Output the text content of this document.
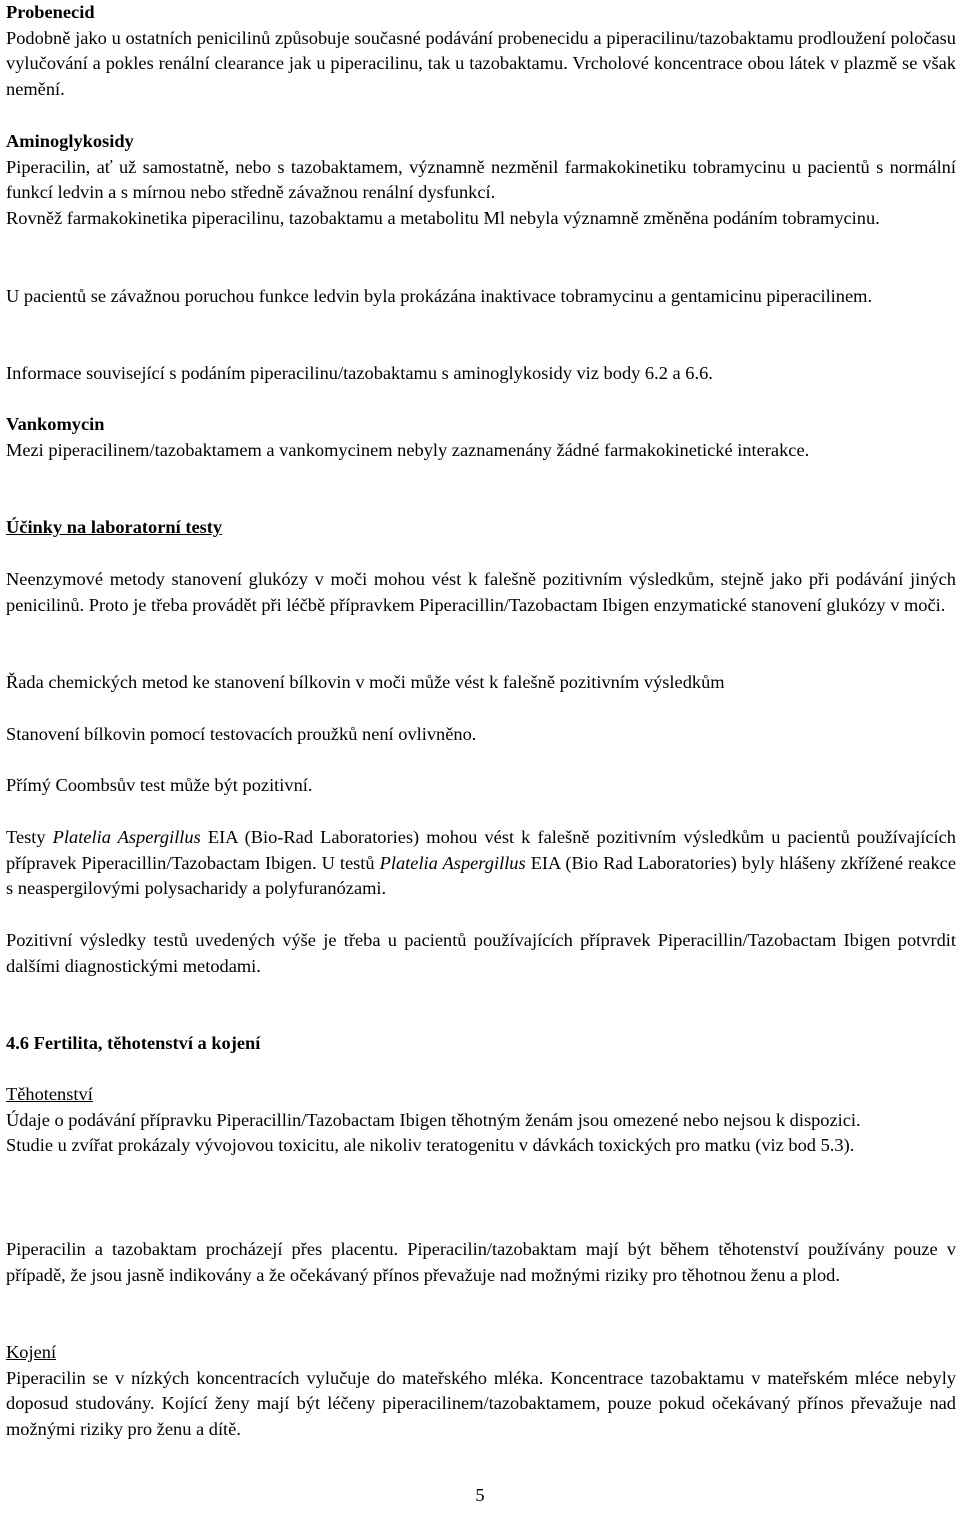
Probenecid
Podobně jako u ostatních penicilinů způsobuje současné podávání probenecidu a piperacilinu/tazobaktamu prodloužení poločasu vylučování a pokles renální clearance jak u piperacilinu, tak u tazobaktamu. Vrcholové koncentrace obou látek v plazmě se však nemění.
Aminoglykosidy
Piperacilin, ať už samostatně, nebo s tazobaktamem, významně nezměnil farmakokinetiku tobramycinu u pacientů s normální funkcí ledvin a s mírnou nebo středně závažnou renální dysfunkcí.
Rovněž farmakokinetika piperacilinu, tazobaktamu a metabolitu Ml nebyla významně změněna podáním tobramycinu.
U pacientů se závažnou poruchou funkce ledvin byla prokázána inaktivace tobramycinu a gentamicinu piperacilinem.
Informace související s podáním piperacilinu/tazobaktamu s aminoglykosidy viz body 6.2 a 6.6.
Vankomycin
Mezi piperacilinem/tazobaktamem a vankomycinem nebyly zaznamenány žádné farmakokinetické interakce.
Účinky na laboratorní testy
Neenzymové metody stanovení glukózy v moči mohou vést k falešně pozitivním výsledkům, stejně jako při podávání jiných penicilinů. Proto je třeba provádět při léčbě přípravkem Piperacillin/Tazobactam Ibigen enzymatické stanovení glukózy v moči.
Řada chemických metod ke stanovení bílkovin v moči může vést k falešně pozitivním výsledkům
Stanovení bílkovin pomocí testovacích proužků není ovlivněno.
Přímý Coombsův test může být pozitivní.
Testy Platelia Aspergillus EIA (Bio-Rad Laboratories) mohou vést k falešně pozitivním výsledkům u pacientů používajících přípravek Piperacillin/Tazobactam Ibigen. U testů Platelia Aspergillus EIA (Bio Rad Laboratories) byly hlášeny zkřížené reakce s neaspergilovými polysacharidy a polyfuranózami.
Pozitivní výsledky testů uvedených výše je třeba u pacientů používajících přípravek Piperacillin/Tazobactam Ibigen potvrdit dalšími diagnostickými metodami.
4.6 Fertilita, těhotenství a kojení
Těhotenství
Údaje o podávání přípravku Piperacillin/Tazobactam Ibigen těhotným ženám jsou omezené nebo nejsou k dispozici.
Studie u zvířat prokázaly vývojovou toxicitu, ale nikoliv teratogenitu v dávkách toxických pro matku (viz bod 5.3).
Piperacilin a tazobaktam procházejí přes placentu. Piperacilin/tazobaktam mají být během těhotenství používány pouze v případě, že jsou jasně indikovány a že očekávaný přínos převažuje nad možnými riziky pro těhotnou ženu a plod.
Kojení
Piperacilin se v nízkých koncentracích vylučuje do mateřského mléka. Koncentrace tazobaktamu v mateřském mléce nebyly doposud studovány. Kojící ženy mají být léčeny piperacilinem/tazobaktamem, pouze pokud očekávaný přínos převažuje nad možnými riziky pro ženu a dítě.
5
